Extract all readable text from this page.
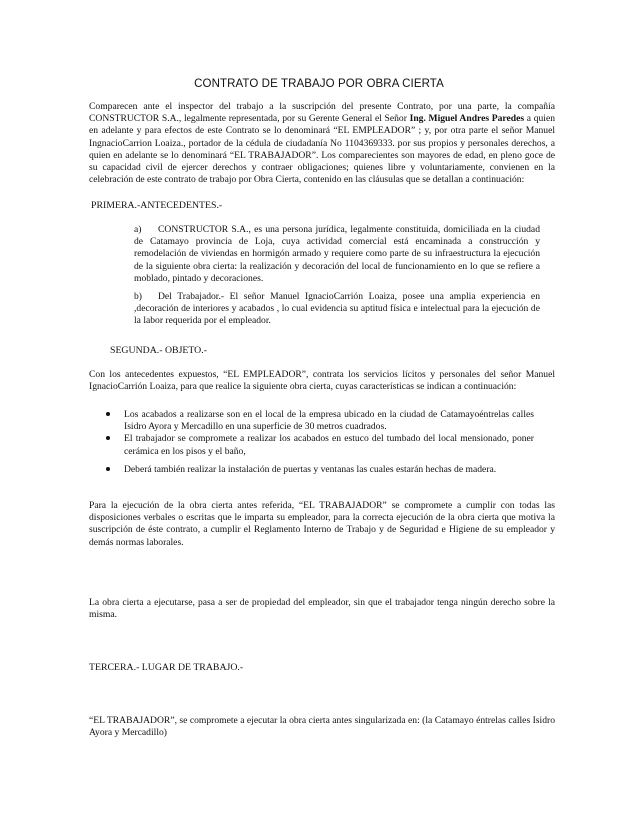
CONTRATO DE TRABAJO POR OBRA CIERTA
Comparecen ante el inspector del trabajo a la suscripción del presente Contrato, por una parte, la compañía CONSTRUCTOR S.A., legalmente representada, por su Gerente General el Señor Ing. Miguel Andres Paredes a quien en adelante y para efectos de este Contrato se lo denominará “EL EMPLEADOR” ; y, por otra parte el señor Manuel IngnacioCarrion Loaiza., portador de la cédula de ciudadanía No 1104369333. por sus propios y personales derechos, a quien en adelante se lo denominará “EL TRABAJADOR”. Los comparecientes son mayores de edad, en pleno goce de su capacidad civil de ejercer derechos y contraer obligaciones; quienes libre y voluntariamente, convienen en la celebración de este contrato de trabajo por Obra Cierta, contenido en las cláusulas que se detallan a continuación:
PRIMERA.-ANTECEDENTES.-
a) CONSTRUCTOR S.A., es una persona jurídica, legalmente constituida, domiciliada en la ciudad de Catamayo provincia de Loja, cuya actividad comercial está encaminada a construcción y remodelación de viviendas en hormigón armado y requiere como parte de su infraestructura la ejecución de la siguiente obra cierta: la realización y decoración del local de funcionamiento en lo que se refiere a moblado, pintado y decoraciones.
b) Del Trabajador.- El señor Manuel IgnacioCarrión Loaiza, posee una amplia experiencia en ,decoración de interiores y acabados , lo cual evidencia su aptitud física e intelectual para la ejecución de la labor requerida por el empleador.
SEGUNDA.- OBJETO.-
Con los antecedentes expuestos, “EL EMPLEADOR”, contrata los servicios lícitos y personales del señor Manuel IgnacioCarrión Loaiza, para que realice la siguiente obra cierta, cuyas características se indican a continuación:
Los acabados a realizarse son en el local de la empresa ubicado en la ciudad de Catamayoéntrelas calles Isidro Ayora y Mercadillo en una superficie de 30 metros cuadrados.
El trabajador se compromete a realizar los acabados en estuco del tumbado del local mensionado, poner cerámica en los pisos y el baño,
Deberá también realizar la instalación de puertas y ventanas las cuales estarán hechas de madera.
Para la ejecución de la obra cierta antes referida, “EL TRABAJADOR” se compromete a cumplir con todas las disposiciones verbales o escritas que le imparta su empleador, para la correcta ejecución de la obra cierta que motiva la suscripción de éste contrato, a cumplir el Reglamento Interno de Trabajo y de Seguridad e Higiene de su empleador y demás normas laborales.
La obra cierta a ejecutarse, pasa a ser de propiedad del empleador, sin que el trabajador tenga ningún derecho sobre la misma.
TERCERA.- LUGAR DE TRABAJO.-
“EL TRABAJADOR”, se compromete a ejecutar la obra cierta antes singularizada en: (la Catamayo éntrelas calles Isidro Ayora y Mercadillo)
